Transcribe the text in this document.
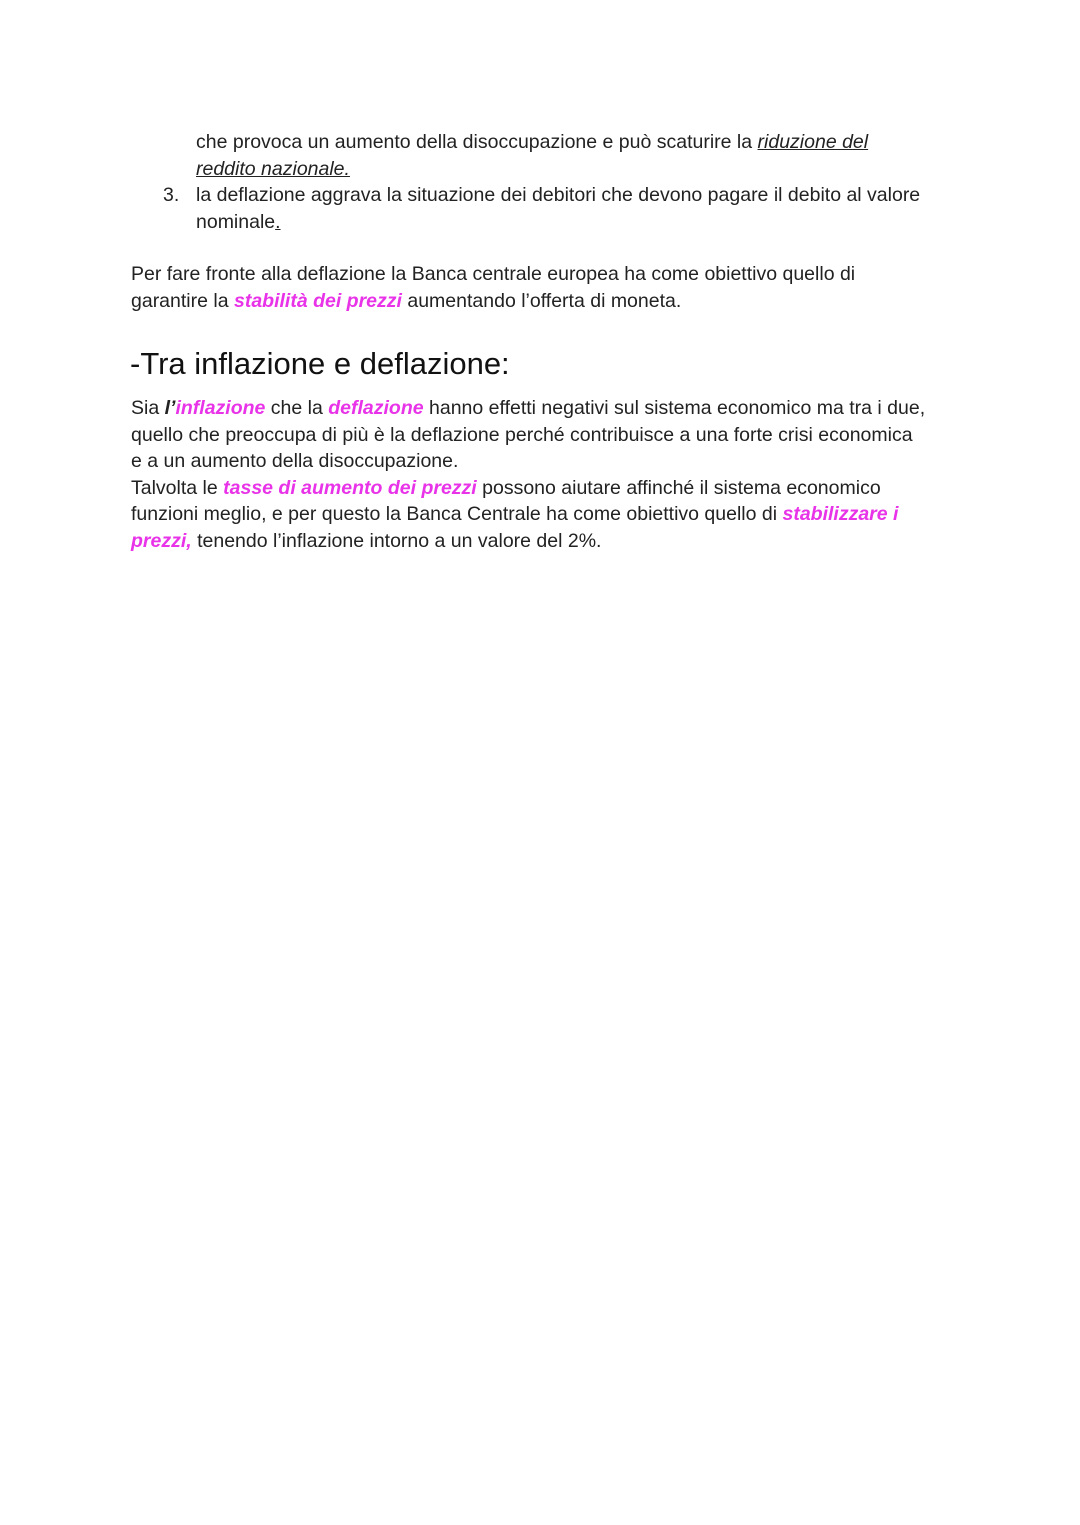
che provoca un aumento della disoccupazione e può scaturire la riduzione del
reddito nazionale.
3. la deflazione aggrava la situazione dei debitori che devono pagare il debito al valore
nominale.
Per fare fronte alla deflazione la Banca centrale europea ha come obiettivo quello di
garantire la stabilità dei prezzi aumentando l’offerta di moneta.
-Tra inflazione e deflazione:
Sia l’inflazione che la deflazione hanno effetti negativi sul sistema economico ma tra i due,
quello che preoccupa di più è la deflazione perché contribuisce a una forte crisi economica
e a un aumento della disoccupazione.
Talvolta le tasse di aumento dei prezzi possono aiutare affinché il sistema economico
funzioni meglio, e per questo la Banca Centrale ha come obiettivo quello di stabilizzare i
prezzi, tenendo l’inflazione intorno a un valore del 2%.
